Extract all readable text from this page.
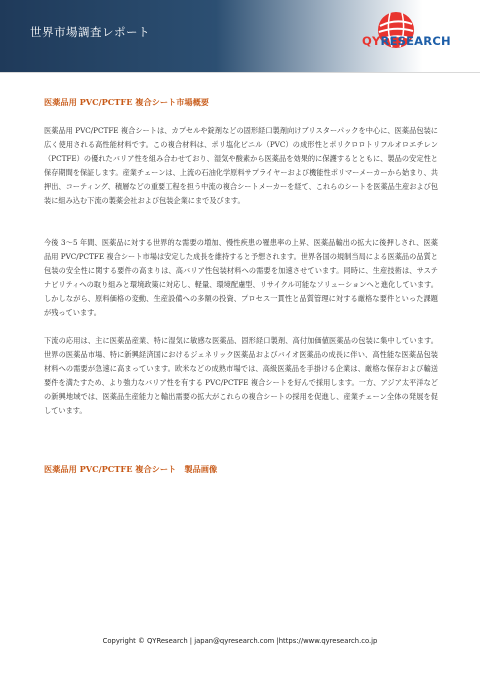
世界市場調査レポート
QYRESEARCH
医薬品用 PVC/PCTFE 複合シート市場概要

医薬品用 PVC/PCTFE 複合シートは、カプセルや錠剤などの固形経口製剤向けブリスターパックを中心に、医薬品包装に広く使用される高性能材料です。この複合材料は、ポリ塩化ビニル（PVC）の成形性とポリクロロトリフルオロエチレン（PCTFE）の優れたバリア性を組み合わせており、湿気や酸素から医薬品を効果的に保護するとともに、製品の安定性と保存期間を保証します。産業チェーンは、上流の石油化学原料サプライヤーおよび機能性ポリマーメーカーから始まり、共押出、コーティング、積層などの重要工程を担う中流の複合シートメーカーを経て、これらのシートを医薬品生産および包装に組み込む下流の製薬会社および包装企業にまで及びます。

今後 3～5 年間、医薬品に対する世界的な需要の増加、慢性疾患の罹患率の上昇、医薬品輸出の拡大に後押しされ、医薬品用 PVC/PCTFE 複合シート市場は安定した成長を維持すると予想されます。世界各国の規制当局による医薬品の品質と包装の安全性に関する要件の高まりは、高バリア性包装材料への需要を加速させています。同時に、生産技術は、サステナビリティへの取り組みと環境政策に対応し、軽量、環境配慮型、リサイクル可能なソリューションへと進化しています。しかしながら、原料価格の変動、生産設備への多額の投資、プロセス一貫性と品質管理に対する厳格な要件といった課題が残っています。

下流の応用は、主に医薬品産業、特に湿気に敏感な医薬品、固形経口製剤、高付加価値医薬品の包装に集中しています。世界の医薬品市場、特に新興経済国におけるジェネリック医薬品およびバイオ医薬品の成長に伴い、高性能な医薬品包装材料への需要が急速に高まっています。欧米などの成熟市場では、高級医薬品を手掛ける企業は、厳格な保存および輸送要件を満たすため、より強力なバリア性を有する PVC/PCTFE 複合シートを好んで採用します。一方、アジア太平洋などの新興地域では、医薬品生産能力と輸出需要の拡大がこれらの複合シートの採用を促進し、産業チェーン全体の発展を促しています。

医薬品用 PVC/PCTFE 複合シート　製品画像
Copyright © QYResearch | japan@qyresearch.com |https://www.qyresearch.co.jp
